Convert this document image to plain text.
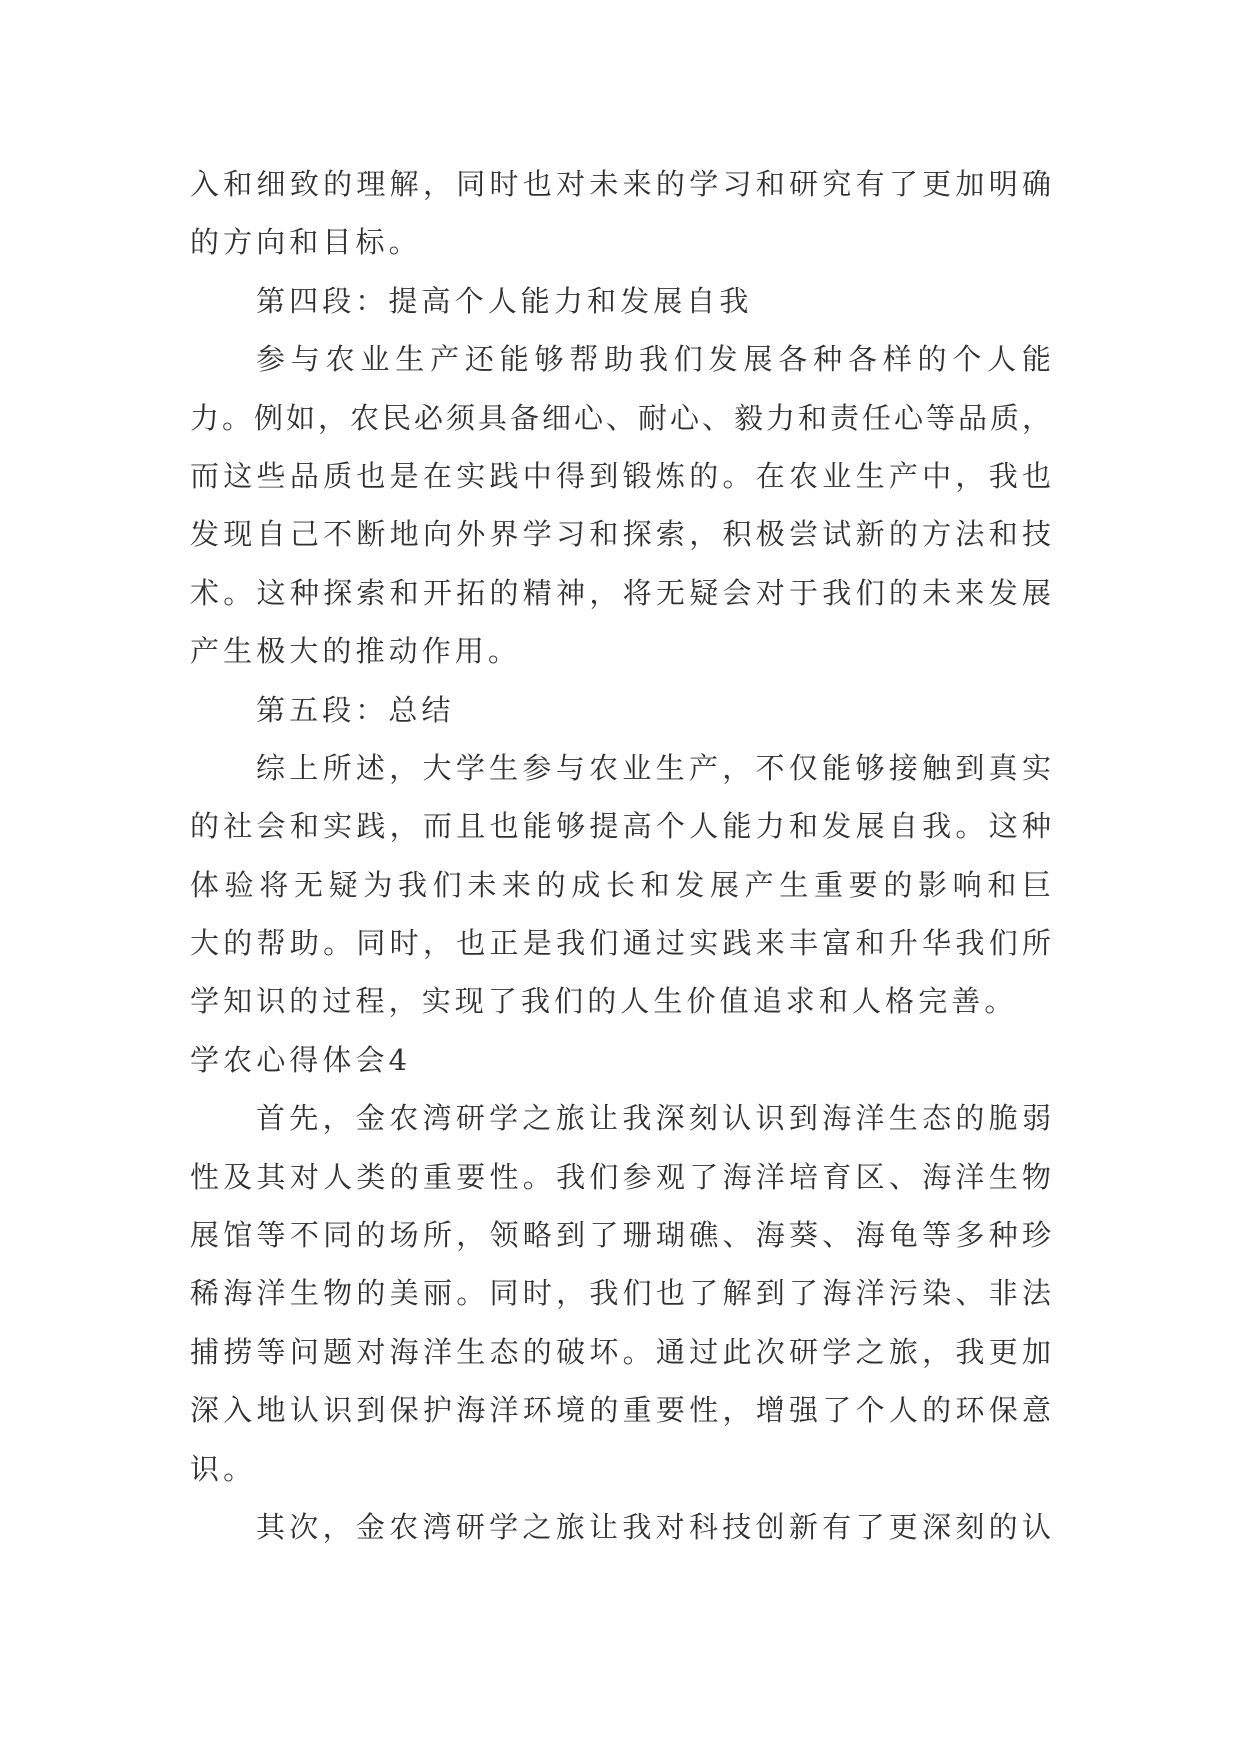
入和细致的理解，同时也对未来的学习和研究有了更加明确
的方向和目标。
第四段：提高个人能力和发展自我
参与农业生产还能够帮助我们发展各种各样的个人能
力。例如，农民必须具备细心、耐心、毅力和责任心等品质，
而这些品质也是在实践中得到锻炼的。在农业生产中，我也
发现自己不断地向外界学习和探索，积极尝试新的方法和技
术。这种探索和开拓的精神，将无疑会对于我们的未来发展
产生极大的推动作用。
第五段：总结
综上所述，大学生参与农业生产，不仅能够接触到真实
的社会和实践，而且也能够提高个人能力和发展自我。这种
体验将无疑为我们未来的成长和发展产生重要的影响和巨
大的帮助。同时，也正是我们通过实践来丰富和升华我们所
学知识的过程，实现了我们的人生价值追求和人格完善。
学农心得体会4
首先，金农湾研学之旅让我深刻认识到海洋生态的脆弱
性及其对人类的重要性。我们参观了海洋培育区、海洋生物
展馆等不同的场所，领略到了珊瑚礁、海葵、海龟等多种珍
稀海洋生物的美丽。同时，我们也了解到了海洋污染、非法
捕捞等问题对海洋生态的破坏。通过此次研学之旅，我更加
深入地认识到保护海洋环境的重要性，增强了个人的环保意
识。
其次，金农湾研学之旅让我对科技创新有了更深刻的认
